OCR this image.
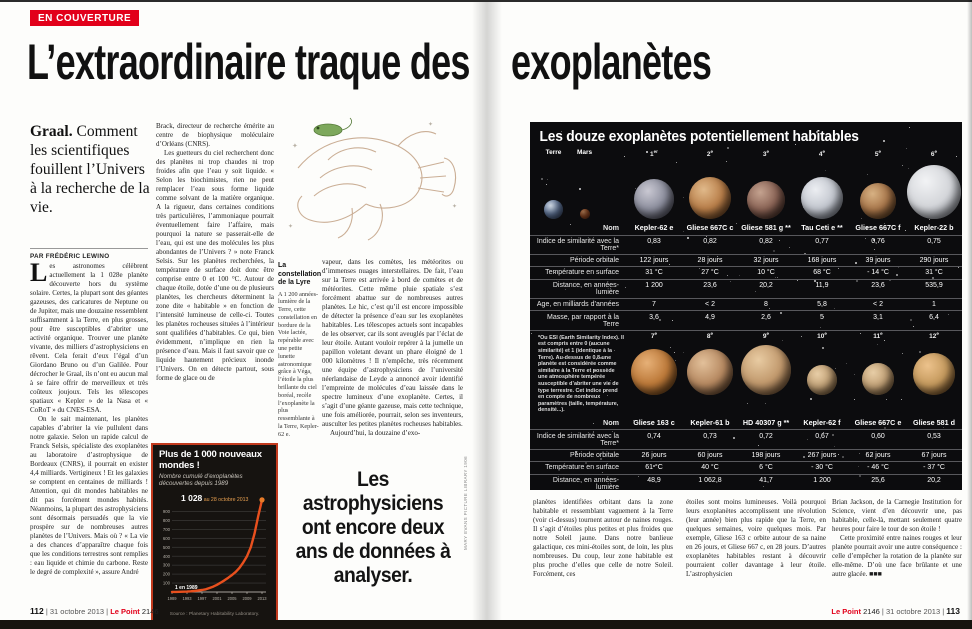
EN COUVERTURE
L’extraordinaire traque des exoplanètes
Graal. Comment les scientifiques fouillent l’Univers à la recherche de la vie.
PAR FRÉDÉRIC LEWINO

Les astronomes célèbrent actuellement la 1 028e planète découverte hors du système solaire. Certes, la plupart sont des géantes gazeuses, des caricatures de Neptune ou de Jupiter, mais une douzaine ressemblent suffisamment à la Terre, en plus grosses, pour être susceptibles d’abriter une activité organique. Trouver une planète vivante, des milliers d’astrophysiciens en rêvent. Cela ferait d’eux l’égal d’un Giordano Bruno ou d’un Galilée. Pour décrocher le Graal, ils n’ont eu aucun mal à se faire offrir de merveilleux et très coûteux joujoux. Tels les télescopes spatiaux « Kepler » de la Nasa et « CoRoT » du CNES-ESA.

On le sait maintenant, les planètes capables d’abriter la vie pullulent dans notre galaxie. Selon un rapide calcul de Franck Selsis, spécialiste des exoplanètes au laboratoire d’astrophysique de Bordeaux (CNRS), il pourrait en exister 4,4 milliards. Vertigineux ! Et les galaxies se comptent en centaines de milliards ! Attention, qui dit mondes habitables ne dit pas forcément mondes habités. Néanmoins, la plupart des astrophysiciens sont désormais persuadés que la vie prospère sur de nombreuses autres planètes de l’Univers. Mais où ? « La vie a des chances d’apparaître chaque fois que les conditions terrestres sont remplies : eau liquide et chimie du carbone. Reste le degré de complexité », assure André

Brack, directeur de recherche émérite au centre de biophysique moléculaire d’Orléans (CNRS).

Les guetteurs du ciel recherchent donc des planètes ni trop chaudes ni trop froides afin que l’eau y soit liquide. « Selon les biochimistes, rien ne peut remplacer l’eau sous forme liquide comme solvant de la matière organique. A la rigueur, dans certaines conditions très particulières, l’ammoniaque pourrait éventuellement faire l’affaire, mais pourquoi la nature se passerait-elle de l’eau, qui est une des molécules les plus abondantes de l’Univers ? » note Franck Selsis. Sur les planètes recherchées, la température de surface doit donc être comprise entre 0 et 100 °C. Autour de chaque étoile, dotée d’une ou de plusieurs planètes, les chercheurs déterminent la zone dite « habitable » en fonction de l’intensité lumineuse de celle-ci. Toutes les planètes rocheuses situées à l’intérieur sont qualifiées d’habitables. Ce qui, bien évidemment, n’implique en rien la présence d’eau. Mais il faut savoir que ce liquide hautement précieux inonde l’Univers. On en détecte partout, sous forme de glace ou de

vapeur, dans les comètes, les météorites ou d’immenses nuages interstellaires. De fait, l’eau sur la Terre est arrivée à bord de comètes et de météorites. Cette même pluie spatiale s’est forcément abattue sur de nombreuses autres planètes. Le hic, c’est qu’il est encore impossible de détecter la présence d’eau sur les exoplanètes habitables. Les télescopes actuels sont incapables de les observer, car ils sont aveuglés par l’éclat de leur étoile. Autant vouloir repérer à la jumelle un papillon voletant devant un phare éloigné de 1 000 kilomètres ! Il n’empêche, très récemment une équipe d’astrophysiciens de l’université néerlandaise de Leyde a annoncé avoir identifié l’empreinte de molécules d’eau laissée dans le spectre lumineux d’une exoplanète. Certes, il s’agit d’une géante gazeuse, mais cette technique, une fois améliorée, pourrait, selon ses inventeurs, ausculter les petites planètes rocheuses habitables.

Aujourd’hui, la douzaine d’exo-

✦
✦
✦
✦
La constellation de la Lyre
A 1 200 années-lumière de la Terre, cette constellation en bordure de la Voie lactée, repérable avec une petite lunette astronomique grâce à Véga, l’étoile la plus brillante du ciel boréal, recèle l’exoplanète la plus ressemblante à la Terre, Kepler-62 e.
Plus de 1 000 nouveaux mondes !
Nombre cumulé d’exoplanètes découvertes depuis 1989
1 028 au 28 octobre 2013
100
200
300
400
500
600
700
800
900
1989 1993 1997 2001 2005 2009 2013
1 en 1989
Source : Planetary Habitability Laboratory.
Les astrophysiciens ont encore deux ans de données à analyser.
MARY EVANS PICTURE LIBRARY 1906
Les douze exoplanètes potentiellement habitables
Terre Mars	1er	2e	3e	4e	5e	6e
Nom	Kepler-62 e	Gliese 667C c	Gliese 581 g **	Tau Ceti e **	Gliese 667C f	Kepler-22 b
Indice de similarité avec la Terre*
0,83	0,82	0,82	0,77	0,76	0,75
Période orbitale	122 jours	28 jours	32 jours	168 jours	39 jours	290 jours
Température en surface	31 °C	27 °C	10 °C	68 °C	- 14 °C	31 °C
Distance, en années-lumière
1 200	23,6	20,2	11,9	23,6	535,9
Age, en milliards d’années	7	< 2	8	5,8	< 2	1
Masse, par rapport à la Terre
3,6	4,9	2,6	5	3,1	6,4
*Ou ESI (Earth Similarity Index). Il est compris entre 0 (aucune similarité) et 1 (identique à la Terre). Au-dessus de 0,8 une planète est considérée comme similaire à la Terre et possède une atmosphère tempérée susceptible d’abriter une vie de type terrestre. Cet indice prend en compte de nombreux paramètres (taille, température, densité...).
7e	8e	9e	10e	11e	12e
Nom	Gliese 163 c	Kepler-61 b	HD 40307 g **	Kepler-62 f	Gliese 667C e	Gliese 581 d
Indice de similarité avec la Terre*
0,74	0,73	0,72	0,67	0,60	0,53
Période orbitale	26 jours	60 jours	198 jours	267 jours	62 jours	67 jours
Température en surface	61 °C	40 °C	6 °C	- 30 °C	- 46 °C	- 37 °C
Distance, en années-lumière
48,9	1 062,8	41,7	1 200	25,6	20,2

planètes identifiées orbitant dans la zone habitable et ressemblant vaguement à la Terre (voir ci-dessus) tournent autour de naines rouges. Il s’agit d’étoiles plus petites et plus froides que notre Soleil jaune. Dans notre banlieue galactique, ces mini-étoiles sont, de loin, les plus nombreuses. Du coup, leur zone habitable est plus proche d’elles que celle de notre Soleil. Forcément, ces

étoiles sont moins lumineuses. Voilà pourquoi leurs exoplanètes accomplissent une révolution (leur année) bien plus rapide que la Terre, en quelques semaines, voire quelques mois. Par exemple, Gliese 163 c orbite autour de sa naine en 26 jours, et Gliese 667 c, en 28 jours. D’autres exoplanètes habitables restant à découvrir pourraient coller davantage à leur étoile. L’astrophysicien

Brian Jackson, de la Carnegie Institution for Science, vient d’en découvrir une, pas habitable, celle-là, mettant seulement quatre heures pour faire le tour de son étoile !

Cette proximité entre naines rouges et leur planète pourrait avoir une autre conséquence : celle d’empêcher la rotation de la planète sur elle-même. D’où une face brûlante et une autre glacée. ■■■

112 | 31 octobre 2013 | Le Point 2146	Le Point 2146 | 31 octobre 2013 | 113
